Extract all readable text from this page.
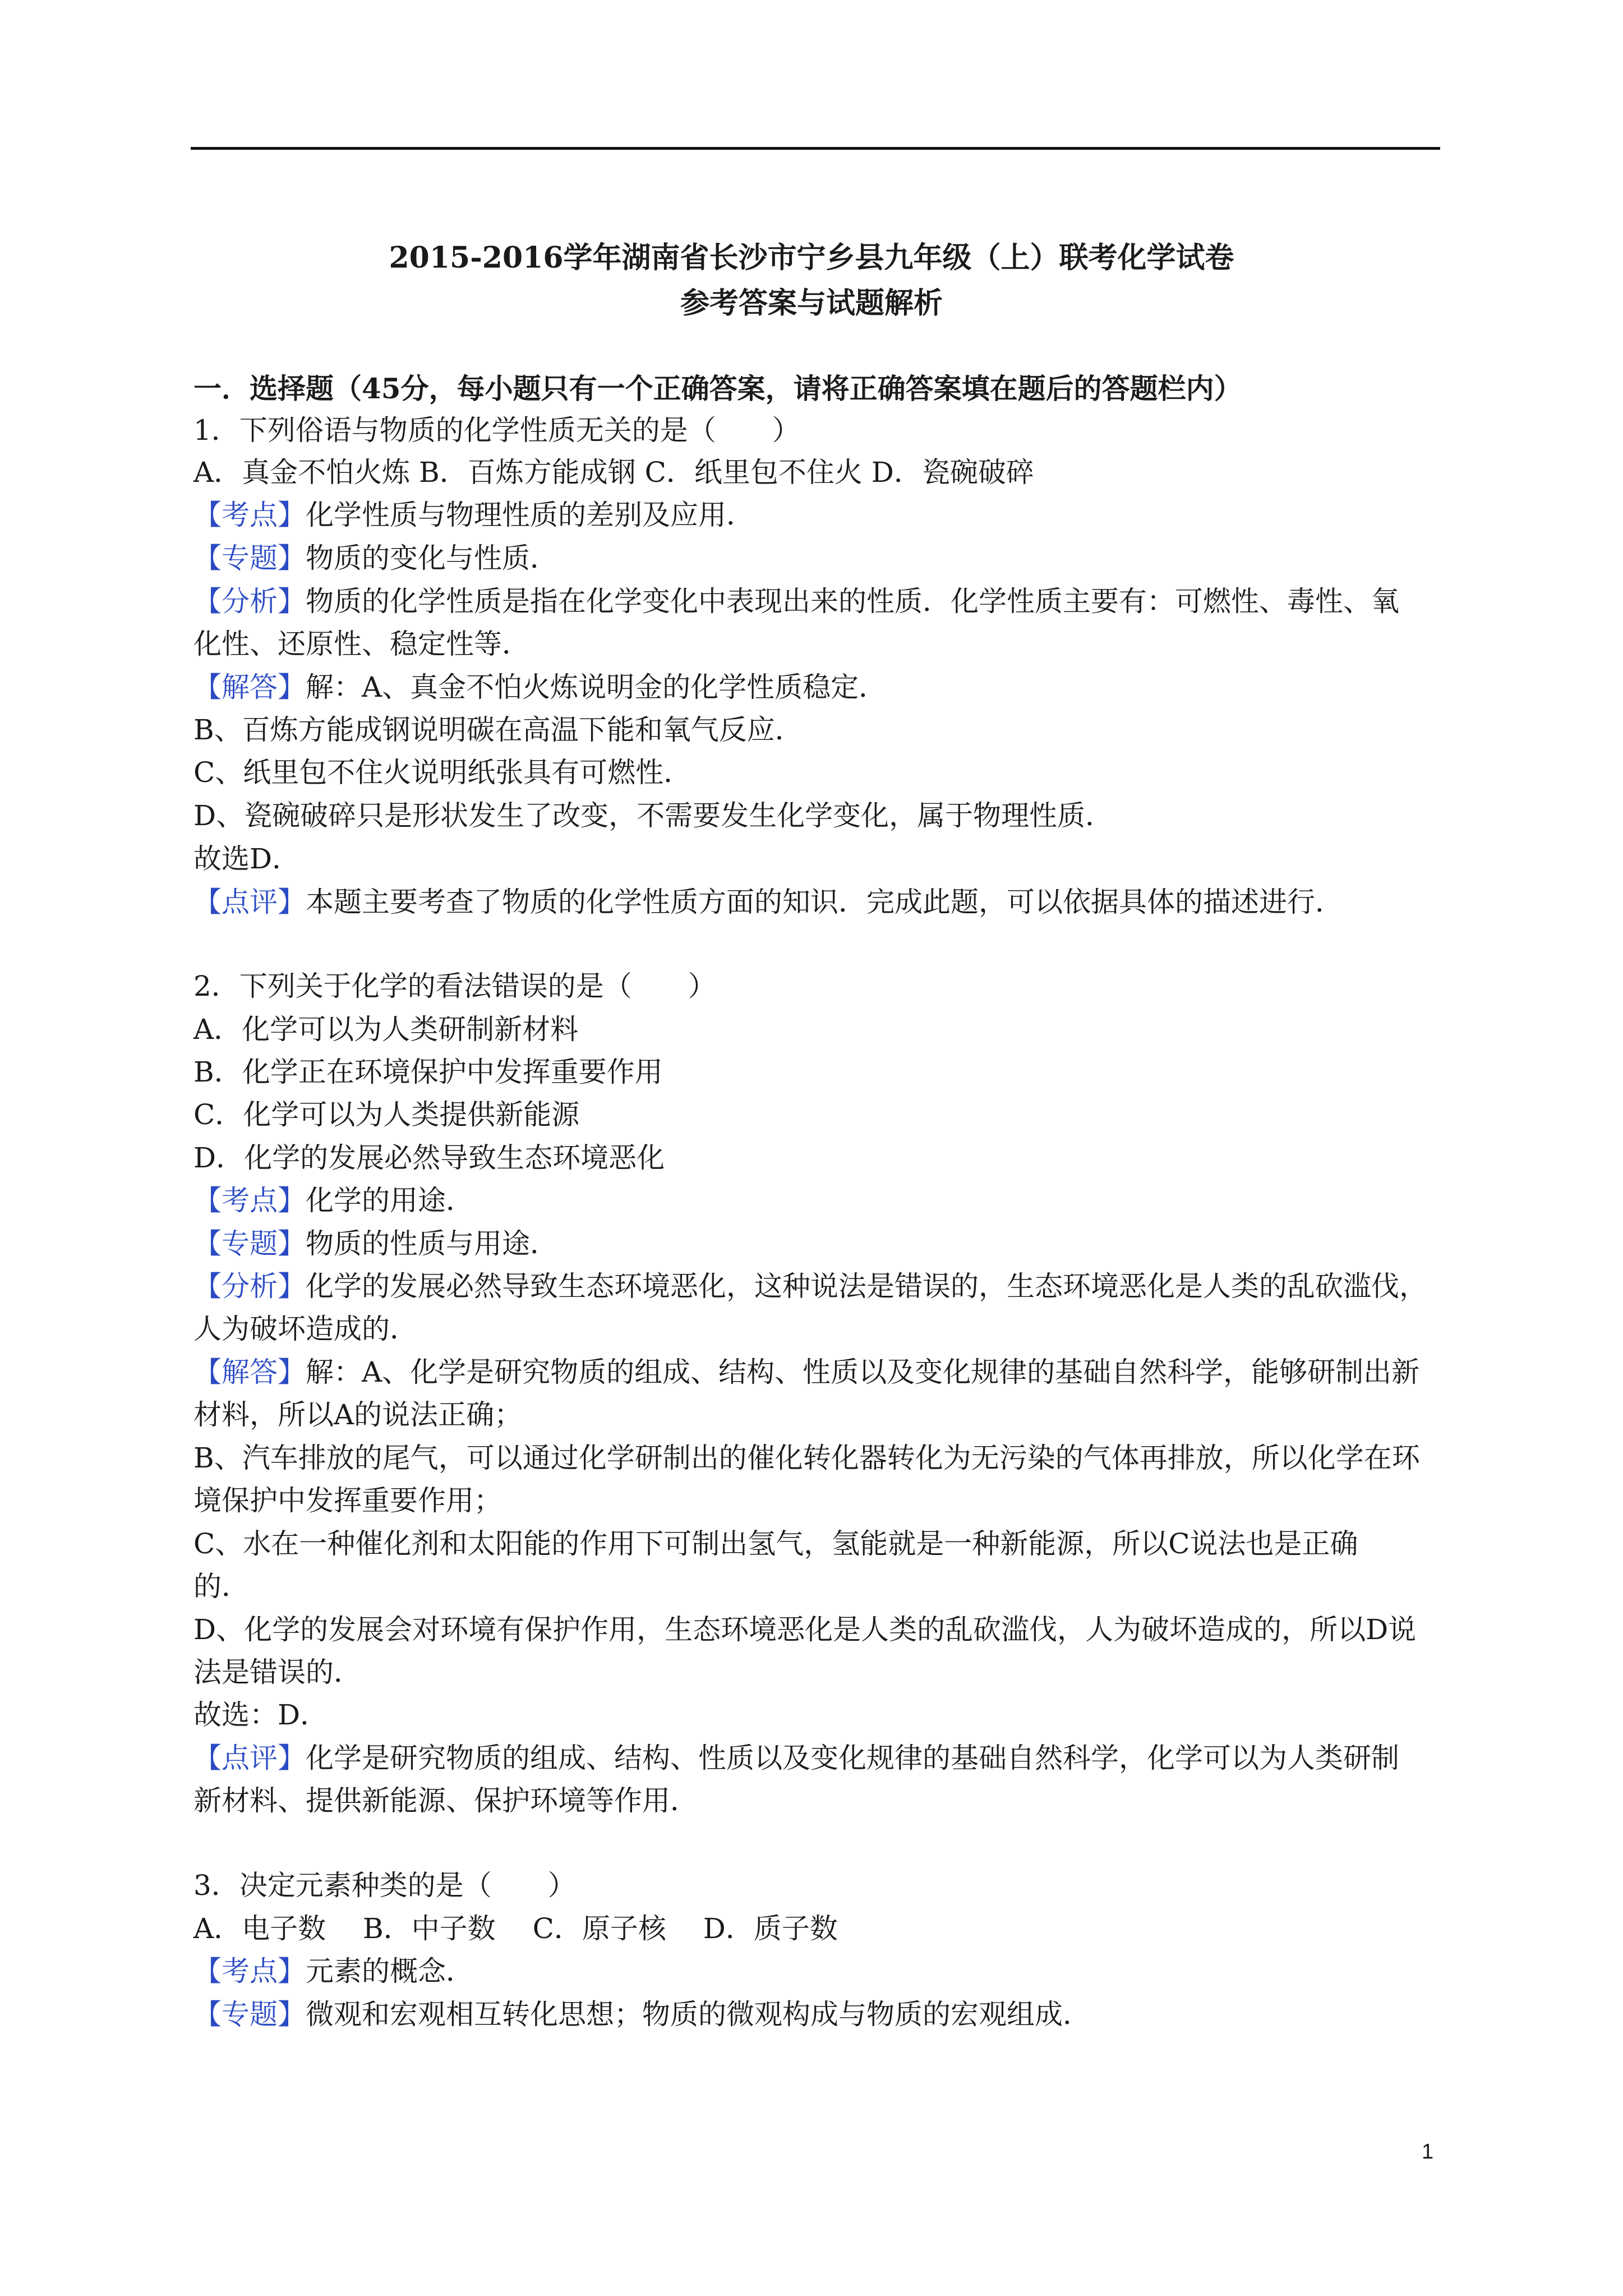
2015-2016学年湖南省长沙市宁乡县九年级（上）联考化学试卷
参考答案与试题解析
一．选择题（45分，每小题只有一个正确答案，请将正确答案填在题后的答题栏内）
1．下列俗语与物质的化学性质无关的是（　　）
A．真金不怕火炼 B．百炼方能成钢 C．纸里包不住火 D．瓷碗破碎
【考点】化学性质与物理性质的差别及应用．
【专题】物质的变化与性质．
【分析】物质的化学性质是指在化学变化中表现出来的性质．化学性质主要有：可燃性、毒性、氧
化性、还原性、稳定性等．
【解答】解：A、真金不怕火炼说明金的化学性质稳定．
B、百炼方能成钢说明碳在高温下能和氧气反应．
C、纸里包不住火说明纸张具有可燃性．
D、瓷碗破碎只是形状发生了改变，不需要发生化学变化，属于物理性质．
故选D．
【点评】本题主要考查了物质的化学性质方面的知识．完成此题，可以依据具体的描述进行．
2．下列关于化学的看法错误的是（　　）
A．化学可以为人类研制新材料
B．化学正在环境保护中发挥重要作用
C．化学可以为人类提供新能源
D．化学的发展必然导致生态环境恶化
【考点】化学的用途．
【专题】物质的性质与用途．
【分析】化学的发展必然导致生态环境恶化，这种说法是错误的，生态环境恶化是人类的乱砍滥伐，
人为破坏造成的．
【解答】解：A、化学是研究物质的组成、结构、性质以及变化规律的基础自然科学，能够研制出新
材料，所以A的说法正确；
B、汽车排放的尾气，可以通过化学研制出的催化转化器转化为无污染的气体再排放，所以化学在环
境保护中发挥重要作用；
C、水在一种催化剂和太阳能的作用下可制出氢气，氢能就是一种新能源，所以C说法也是正确
的．
D、化学的发展会对环境有保护作用，生态环境恶化是人类的乱砍滥伐，人为破坏造成的，所以D说
法是错误的．
故选：D．
【点评】化学是研究物质的组成、结构、性质以及变化规律的基础自然科学，化学可以为人类研制
新材料、提供新能源、保护环境等作用．
3．决定元素种类的是（　　）
A．电子数　 B．中子数　 C．原子核　 D．质子数
【考点】元素的概念．
【专题】微观和宏观相互转化思想；物质的微观构成与物质的宏观组成．
1
